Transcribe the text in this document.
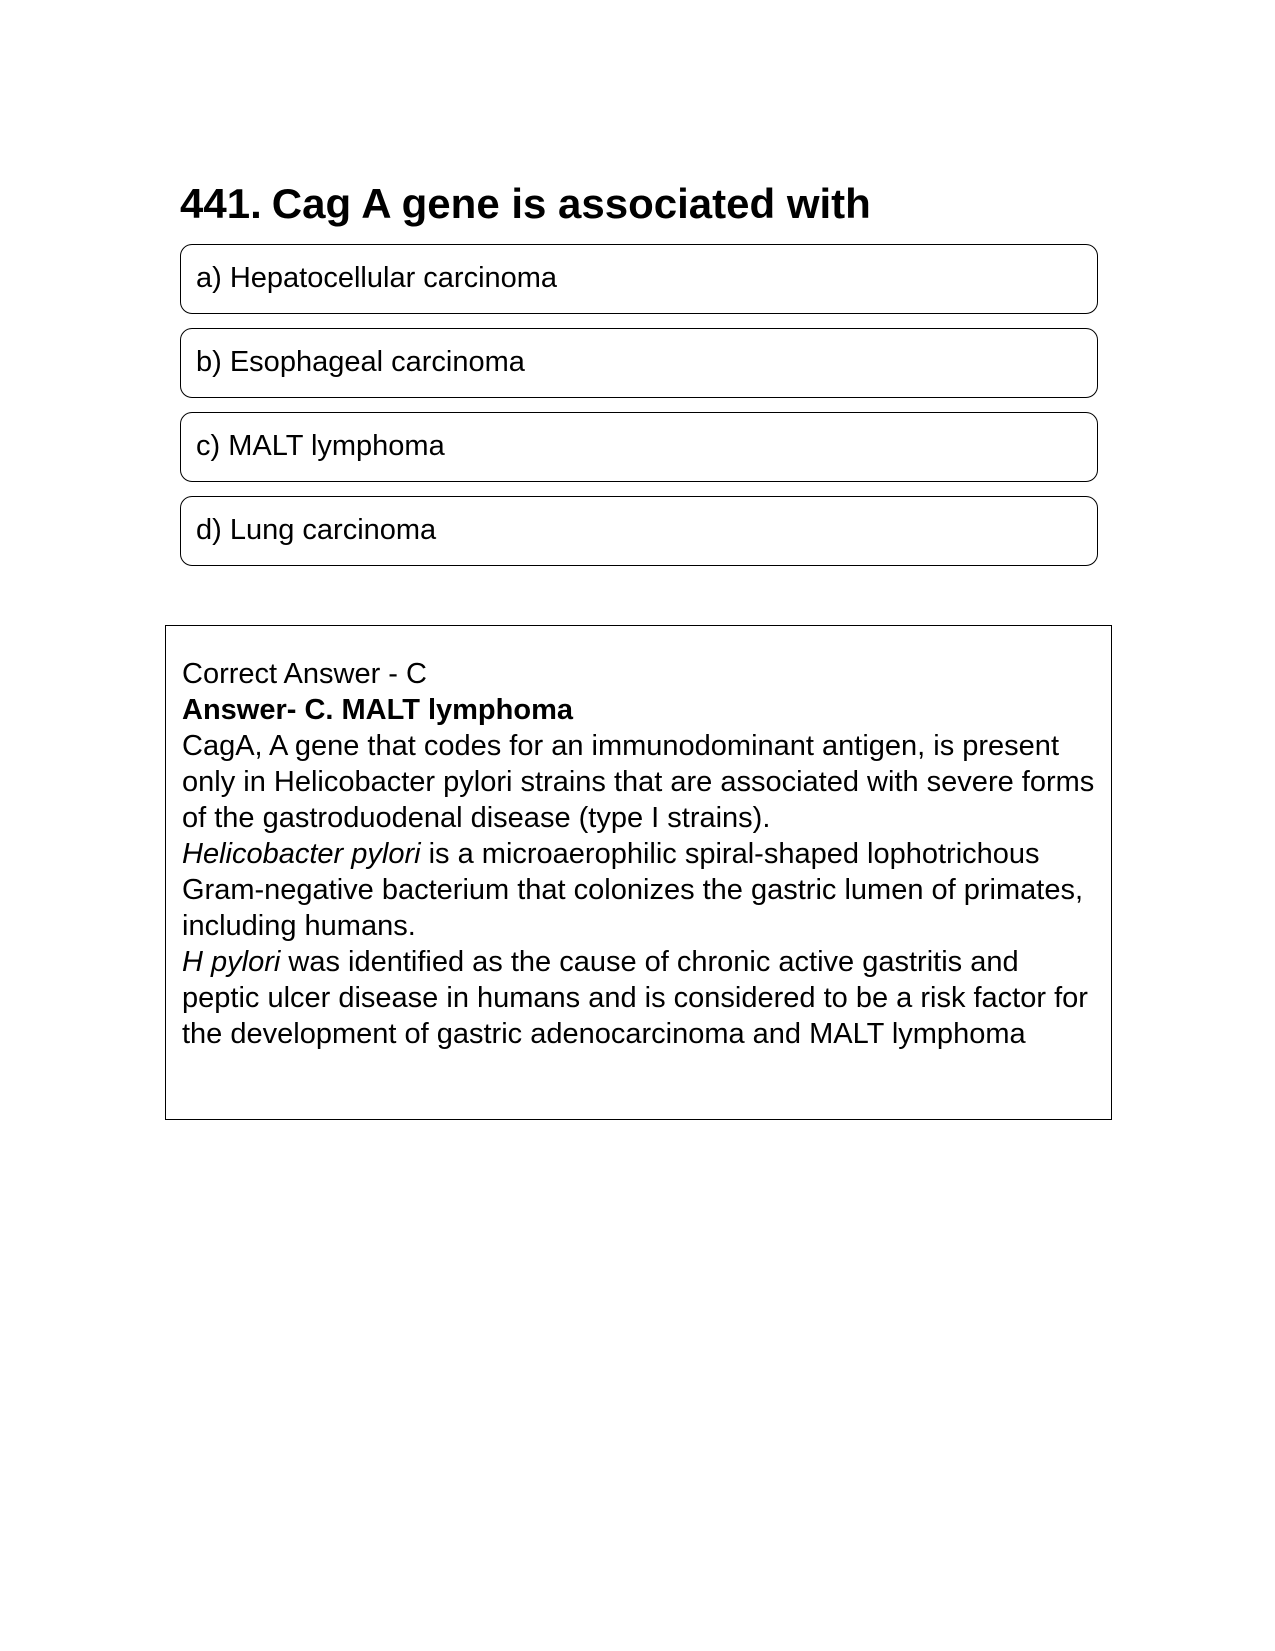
441. Cag A gene is associated with
a) Hepatocellular carcinoma
b) Esophageal carcinoma
c) MALT lymphoma
d) Lung carcinoma

Correct Answer - C

Answer- C. MALT lymphoma

CagA, A gene that codes for an immunodominant antigen, is present only in Helicobacter pylori strains that are associated with severe forms of the gastroduodenal disease (type I strains).

Helicobacter pylori is a microaerophilic spiral-shaped lophotrichous Gram-negative bacterium that colonizes the gastric lumen of primates, including humans.

H pylori was identified as the cause of chronic active gastritis and peptic ulcer disease in humans and is considered to be a risk factor for the development of gastric adenocarcinoma and MALT lymphoma
